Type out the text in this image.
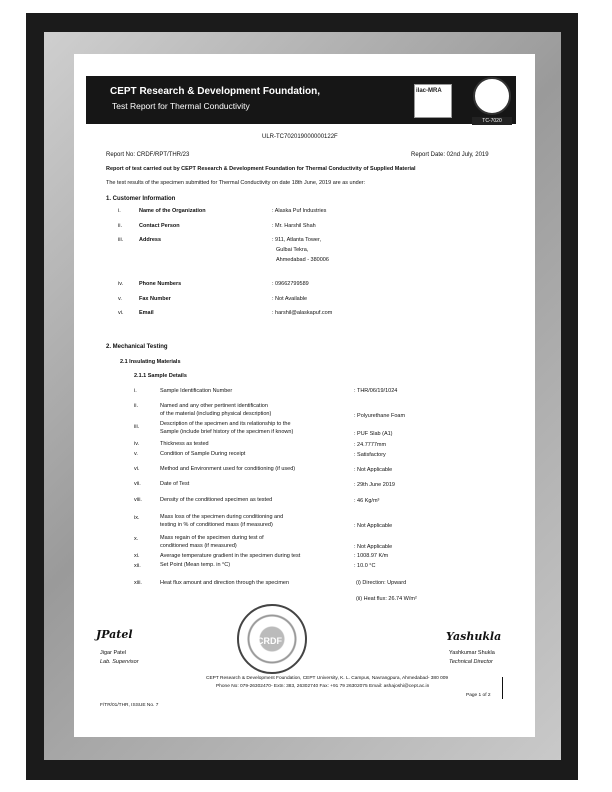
CEPT Research & Development Foundation,
Test Report for Thermal Conductivity
ilac-MRA
TC-7020
ULR-TC702019000000122F
Report No: CRDF/RPT/THR/23	Report Date: 02nd July, 2019
Report of test carried out by CEPT Research & Development Foundation for Thermal Conductivity of Supplied Material
The test results of the specimen submitted for Thermal Conductivity on date 18th June, 2019 are as under:
1. Customer Information
i.	Name of the Organization	: Alaska Puf Industries
ii.	Contact Person	: Mr. Harshil Shah
iii.	Address	: 911, Atlanta Tower,
Gulbai Tekra,
Ahmedabad - 380006
iv.	Phone Numbers	: 09662799589
v.	Fax Number	: Not Available
vi.	Email	: harshil@alaskapuf.com
2. Mechanical Testing
2.1 Insulating Materials
2.1.1 Sample Details
i.	Sample Identification Number	: THR/06/19/1024
ii.	Named and any other pertinent identification
of the material (including physical description)	: Polyurethane Foam
iii.	Description of the specimen and its relationship to the
Sample (include brief history of the specimen if known)	: PUF Slab (A1)
iv.	Thickness as tested	: 24.7777mm
v.	Condition of Sample During receipt	: Satisfactory
vi.	Method and Environment used for conditioning (if used)	: Not Applicable
vii.	Date of Test	: 29th June 2019
viii.	Density of the conditioned specimen as tested	: 46 Kg/m³
ix.	Mass loss of the specimen during conditioning and
testing in % of conditioned mass (if measured)	: Not Applicable
x.	Mass regain of the specimen during test of
conditioned mass (if measured)	: Not Applicable
xi.	Average temperature gradient in the specimen during test	: 1008.97 K/m
xii.	Set Point (Mean temp. in °C)	: 10.0 °C
xiii.	Heat flux amount and direction through the specimen	(i) Direction: Upward
(ii) Heat flux: 26.74 W/m²
JPatel
Jigar Patel
Lab. Supervisor
CRDF	Yashukla
Yashkumar Shukla
Technical Director
CEPT Research & Development Foundation, CEPT University, K. L. Campus, Navrangpura, Ahmedabad- 380 009
Phone No: 079-26302470- Extn: 383, 26302740 Fax: +91 79 26302075 Email: ashajoshi@cept.ac.in
Page 1 of 2
F/TR/01/THR, ISSUE No. 7
